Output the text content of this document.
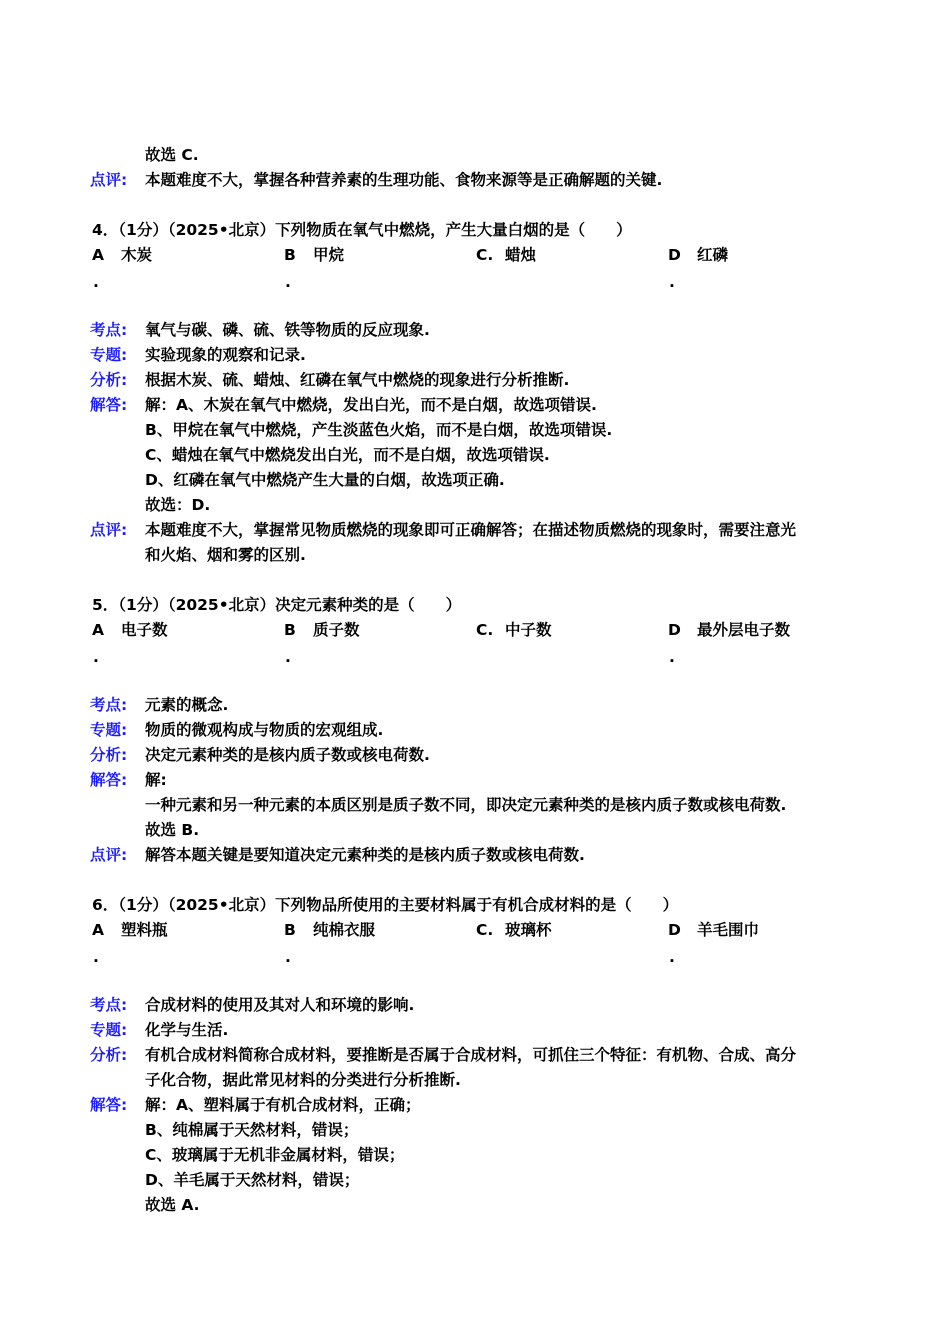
故选 C.
点评: 本题难度不大，掌握各种营养素的生理功能、食物来源等是正确解题的关键.
4．（1分）（2025•北京）下列物质在氧气中燃烧，产生大量白烟的是（　　）
A 木炭	B 甲烷	C. 蜡烛	D 红磷
.	.	.
考点: 氧气与碳、磷、硫、铁等物质的反应现象.
专题: 实验现象的观察和记录.
分析: 根据木炭、硫、蜡烛、红磷在氧气中燃烧的现象进行分析推断.
解答: 解：A、木炭在氧气中燃烧，发出白光，而不是白烟，故选项错误.
B、甲烷在氧气中燃烧，产生淡蓝色火焰，而不是白烟，故选项错误.
C、蜡烛在氧气中燃烧发出白光，而不是白烟，故选项错误.
D、红磷在氧气中燃烧产生大量的白烟，故选项正确.
故选：D.
点评: 本题难度不大，掌握常见物质燃烧的现象即可正确解答；在描述物质燃烧的现象时，需要注意光
和火焰、烟和雾的区别.
5．（1分）（2025•北京）决定元素种类的是（　　）
A 电子数	B 质子数	C. 中子数	D 最外层电子数
.	.	.
考点: 元素的概念.
专题: 物质的微观构成与物质的宏观组成.
分析: 决定元素种类的是核内质子数或核电荷数.
解答: 解:
一种元素和另一种元素的本质区别是质子数不同，即决定元素种类的是核内质子数或核电荷数.
故选 B.
点评: 解答本题关键是要知道决定元素种类的是核内质子数或核电荷数.
6．（1分）（2025•北京）下列物品所使用的主要材料属于有机合成材料的是（　　）
A 塑料瓶	B 纯棉衣服	C. 玻璃杯	D 羊毛围巾
.	.	.
考点: 合成材料的使用及其对人和环境的影响.
专题: 化学与生活.
分析: 有机合成材料简称合成材料，要推断是否属于合成材料，可抓住三个特征：有机物、合成、高分
子化合物，据此常见材料的分类进行分析推断.
解答: 解：A、塑料属于有机合成材料，正确；
B、纯棉属于天然材料，错误；
C、玻璃属于无机非金属材料，错误；
D、羊毛属于天然材料，错误；
故选 A.
